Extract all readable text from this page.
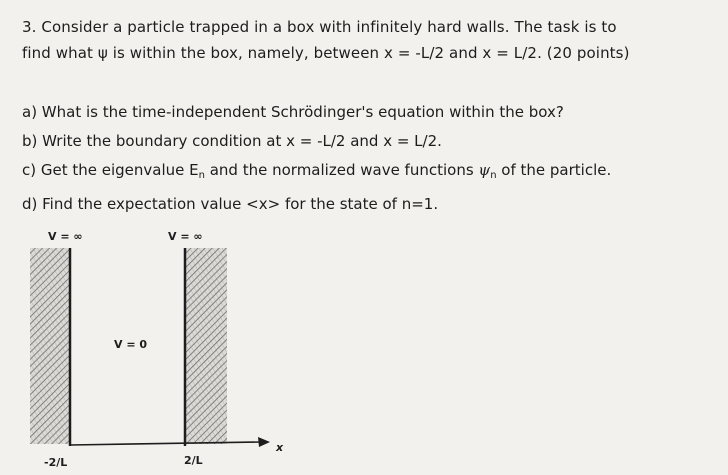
3. Consider a particle trapped in a box with infinitely hard walls. The task is to
find what ψ is within the box, namely, between x = -L/2 and x = L/2. (20 points)
a) What is the time-independent Schrödinger's equation within the box?
b) Write the boundary condition at x = -L/2 and x = L/2.
c) Get the eigenvalue $E_n$ and the normalized wave functions $\psi_n$ of the particle.
d) Find the expectation value <x> for the state of n=1.
V = ∞	V = ∞
V = 0
-2/L	2/L
x
